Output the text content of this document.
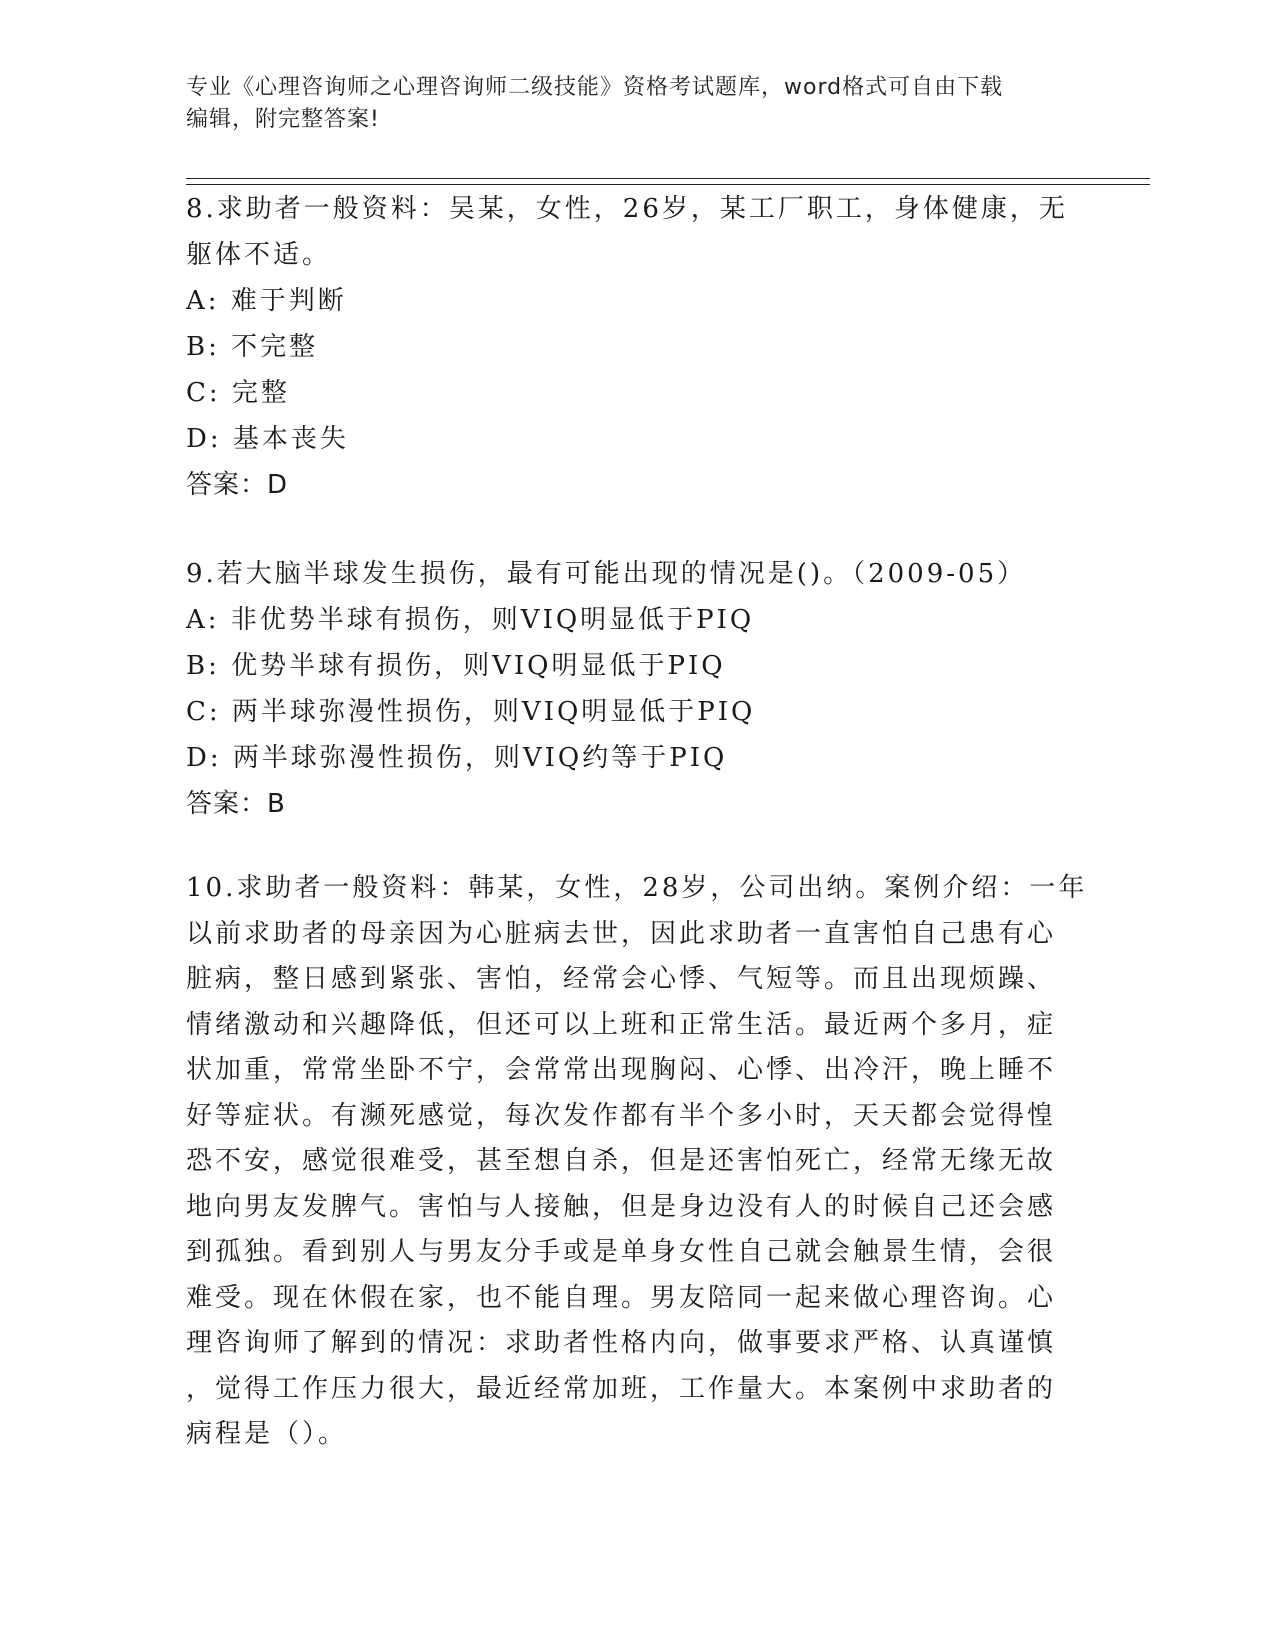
专业《心理咨询师之心理咨询师二级技能》资格考试题库，word格式可自由下载
编辑，附完整答案!
8.求助者一般资料：吴某，女性，26岁，某工厂职工，身体健康，无
躯体不适。
A: 难于判断
B: 不完整
C: 完整
D: 基本丧失
答案：D
9.若大脑半球发生损伤，最有可能出现的情况是()。（2009-05）
A: 非优势半球有损伤，则VIQ明显低于PIQ
B: 优势半球有损伤，则VIQ明显低于PIQ
C: 两半球弥漫性损伤，则VIQ明显低于PIQ
D: 两半球弥漫性损伤，则VIQ约等于PIQ
答案：B
10.求助者一般资料：韩某，女性，28岁，公司出纳。案例介绍：一年
以前求助者的母亲因为心脏病去世，因此求助者一直害怕自己患有心
脏病，整日感到紧张、害怕，经常会心悸、气短等。而且出现烦躁、
情绪激动和兴趣降低，但还可以上班和正常生活。最近两个多月，症
状加重，常常坐卧不宁，会常常出现胸闷、心悸、出冷汗，晚上睡不
好等症状。有濒死感觉，每次发作都有半个多小时，天天都会觉得惶
恐不安，感觉很难受，甚至想自杀，但是还害怕死亡，经常无缘无故
地向男友发脾气。害怕与人接触，但是身边没有人的时候自己还会感
到孤独。看到别人与男友分手或是单身女性自己就会触景生情，会很
难受。现在休假在家，也不能自理。男友陪同一起来做心理咨询。心
理咨询师了解到的情况：求助者性格内向，做事要求严格、认真谨慎
，觉得工作压力很大，最近经常加班，工作量大。本案例中求助者的
病程是（）。
